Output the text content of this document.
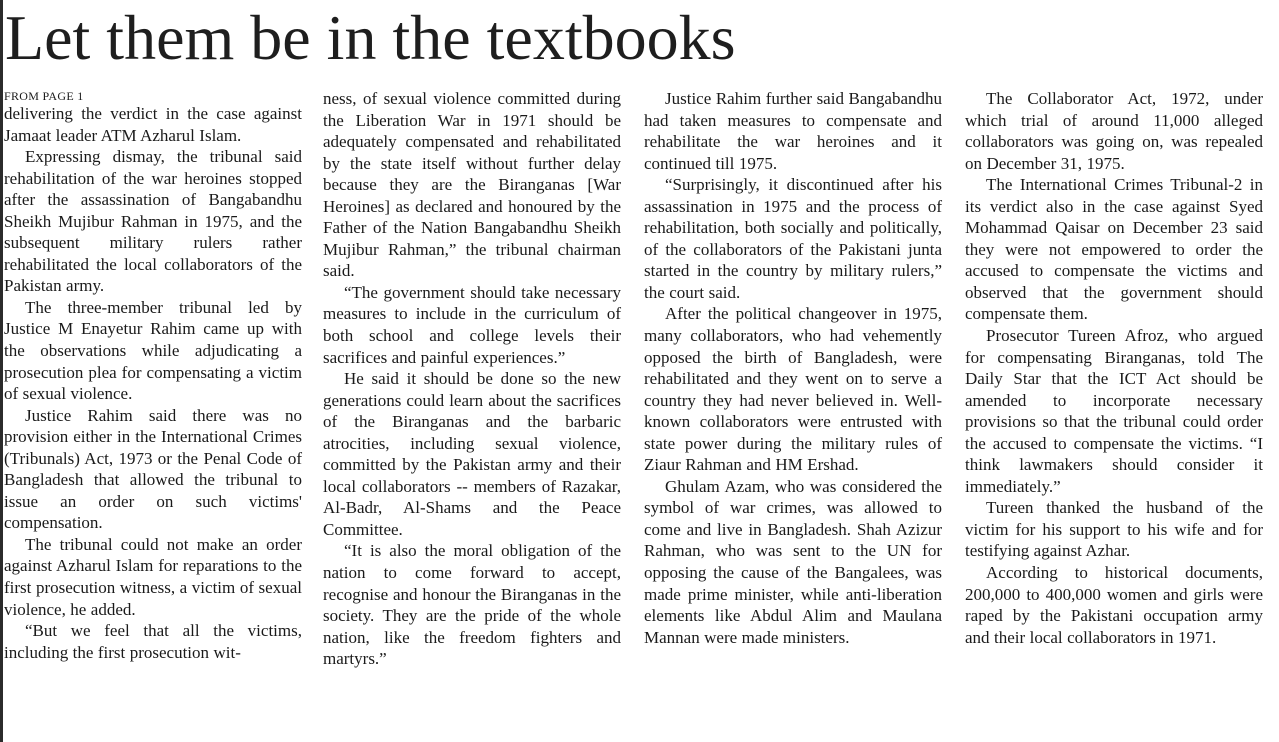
Let them be in the textbooks
FROM PAGE 1

delivering the verdict in the case against Jamaat leader ATM Azharul Islam.

Expressing dismay, the tribunal said rehabilitation of the war heroines stopped after the assassination of Bangabandhu Sheikh Mujibur Rahman in 1975, and the subsequent military rulers rather rehabilitated the local collaborators of the Pakistan army.

The three-member tribunal led by Justice M Enayetur Rahim came up with the observations while adjudicating a prosecution plea for compensating a victim of sexual violence.

Justice Rahim said there was no provision either in the International Crimes (Tribunals) Act, 1973 or the Penal Code of Bangladesh that allowed the tribunal to issue an order on such victims' compensation.

The tribunal could not make an order against Azharul Islam for reparations to the first prosecution witness, a victim of sexual violence, he added.

“But we feel that all the victims, including the first prosecution wit-

ness, of sexual violence committed during the Liberation War in 1971 should be adequately compensated and rehabilitated by the state itself without further delay because they are the Biranganas [War Heroines] as declared and honoured by the Father of the Nation Bangabandhu Sheikh Mujibur Rahman,” the tribunal chairman said.

“The government should take necessary measures to include in the curriculum of both school and college levels their sacrifices and painful experiences.”

He said it should be done so the new generations could learn about the sacrifices of the Biranganas and the barbaric atrocities, including sexual violence, committed by the Pakistan army and their local collaborators -- members of Razakar, Al-Badr, Al-Shams and the Peace Committee.

“It is also the moral obligation of the nation to come forward to accept, recognise and honour the Biranganas in the society. They are the pride of the whole nation, like the freedom fighters and martyrs.”

Justice Rahim further said Bangabandhu had taken measures to compensate and rehabilitate the war heroines and it continued till 1975.

“Surprisingly, it discontinued after his assassination in 1975 and the process of rehabilitation, both socially and politically, of the collaborators of the Pakistani junta started in the country by military rulers,” the court said.

After the political changeover in 1975, many collaborators, who had vehemently opposed the birth of Bangladesh, were rehabilitated and they went on to serve a country they had never believed in. Well-known collaborators were entrusted with state power during the military rules of Ziaur Rahman and HM Ershad.

Ghulam Azam, who was considered the symbol of war crimes, was allowed to come and live in Bangladesh. Shah Azizur Rahman, who was sent to the UN for opposing the cause of the Bangalees, was made prime minister, while anti-liberation elements like Abdul Alim and Maulana Mannan were made ministers.

The Collaborator Act, 1972, under which trial of around 11,000 alleged collaborators was going on, was repealed on December 31, 1975.

The International Crimes Tribunal-2 in its verdict also in the case against Syed Mohammad Qaisar on December 23 said they were not empowered to order the accused to compensate the victims and observed that the government should compensate them.

Prosecutor Tureen Afroz, who argued for compensating Biranganas, told The Daily Star that the ICT Act should be amended to incorporate necessary provisions so that the tribunal could order the accused to compensate the victims. “I think lawmakers should consider it immediately.”

Tureen thanked the husband of the victim for his support to his wife and for testifying against Azhar.

According to historical documents, 200,000 to 400,000 women and girls were raped by the Pakistani occupation army and their local collaborators in 1971.
